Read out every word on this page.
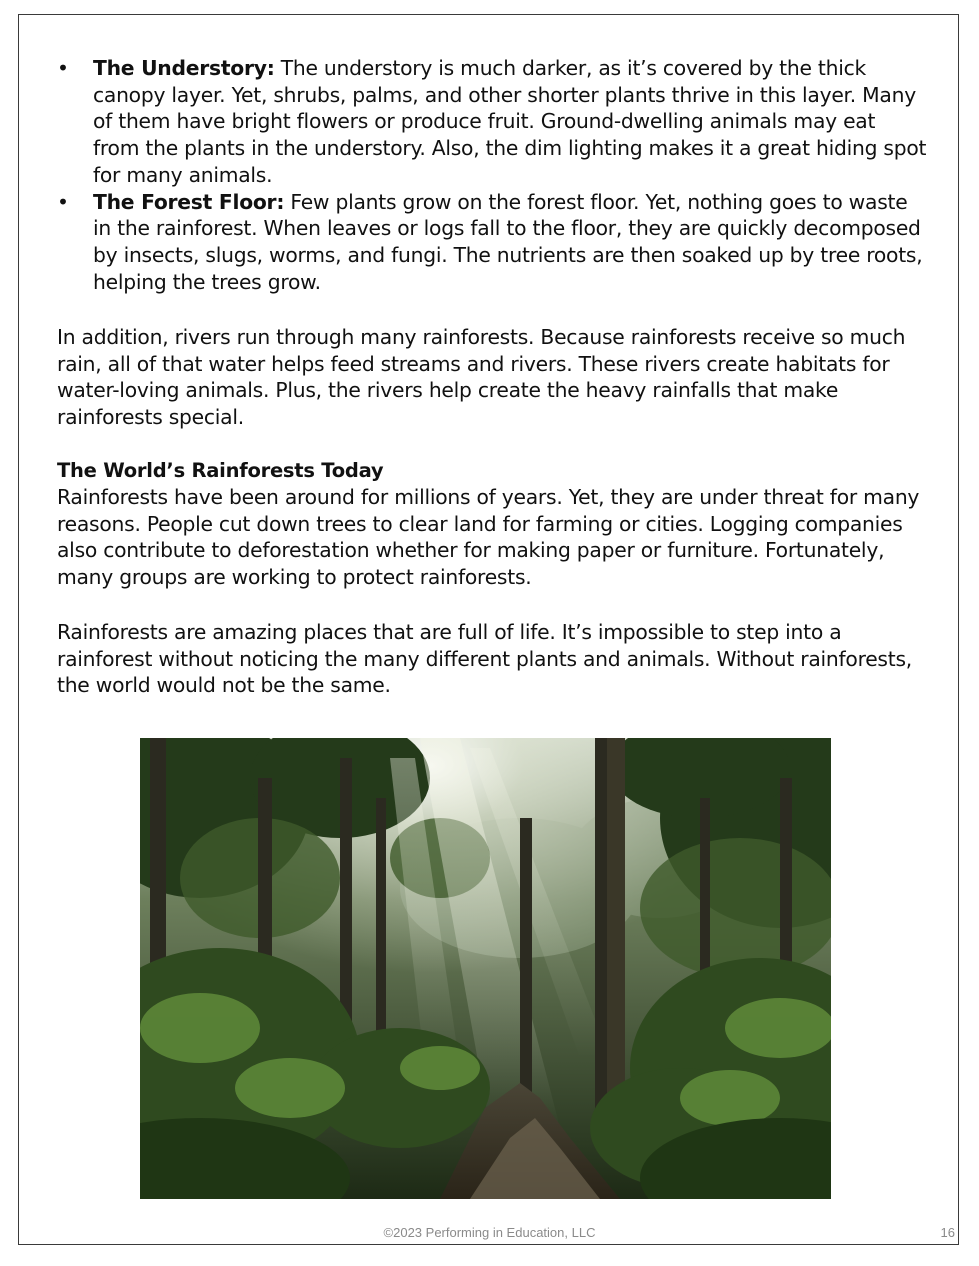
• The Understory: The understory is much darker, as it’s covered by the thick canopy layer. Yet, shrubs, palms, and other shorter plants thrive in this layer. Many of them have bright flowers or produce fruit. Ground-dwelling animals may eat from the plants in the understory. Also, the dim lighting makes it a great hiding spot for many animals.
• The Forest Floor: Few plants grow on the forest floor. Yet, nothing goes to waste in the rainforest. When leaves or logs fall to the floor, they are quickly decomposed by insects, slugs, worms, and fungi. The nutrients are then soaked up by tree roots, helping the trees grow.

In addition, rivers run through many rainforests. Because rainforests receive so much rain, all of that water helps feed streams and rivers. These rivers create habitats for water-loving animals. Plus, the rivers help create the heavy rainfalls that make rainforests special.

The World’s Rainforests Today

Rainforests have been around for millions of years. Yet, they are under threat for many reasons. People cut down trees to clear land for farming or cities. Logging companies also contribute to deforestation whether for making paper or furniture. Fortunately, many groups are working to protect rainforests.

Rainforests are amazing places that are full of life. It’s impossible to step into a rainforest without noticing the many different plants and animals. Without rainforests, the world would not be the same.

©2023 Performing in Education, LLC	16
